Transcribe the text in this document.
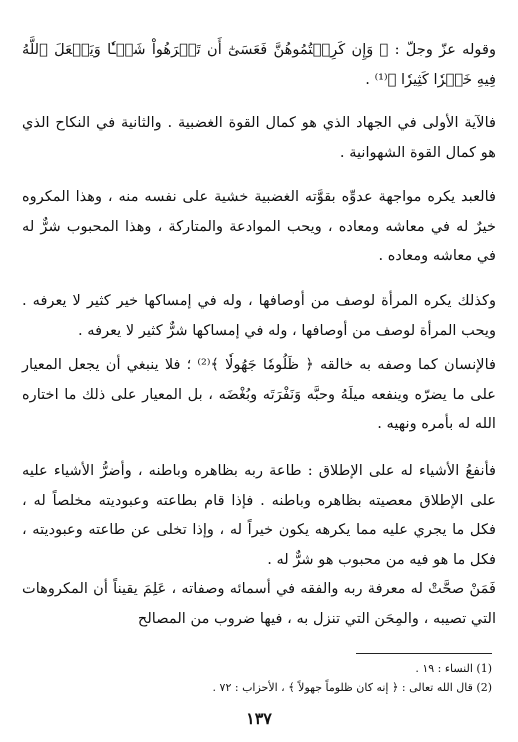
وقوله عزّ وجلّ : ﴿ وَإِن كَرِهۡتُمُوهُنَّ فَعَسَىٰٓ أَن تَكۡرَهُواْ شَيۡـٔٗا وَيَجۡعَلَ ٱللَّهُ فِيهِ خَيۡرٗا كَثِيرٗا ﴾⁽¹⁾ .

فالآية الأولى في الجهاد الذي هو كمال القوة الغضبية . والثانية في النكاح الذي هو كمال القوة الشهوانية .

فالعبد يكره مواجهة عدوِّه بقوَّته الغضبية خشية على نفسه منه ، وهذا المكروه خيرٌ له في معاشه ومعاده ، ويحب الموادعة والمتاركة ، وهذا المحبوب شرٌّ له في معاشه ومعاده .

وكذلك يكره المرأة لوصف من أوصافها ، وله في إمساكها خير كثير لا يعرفه . ويحب المرأة لوصف من أوصافها ، وله في إمساكها شرٌّ كثير لا يعرفه .

فالإنسان كما وصفه به خالقه ﴿ ظَلُومٗا جَهُولٗا ﴾⁽²⁾ ؛ فلا ينبغي أن يجعل المعيار على ما يضرّه وينفعه ميلَهُ وحبَّه وَنَفْرَتَه وبُغْضَه ، بل المعيار على ذلك ما اختاره الله له بأمره ونهيه .

فأنفعُ الأشياء له على الإطلاق : طاعة ربه بظاهره وباطنه ، وأضرُّ الأشياء عليه على الإطلاق معصيته بظاهره وباطنه . فإذا قام بطاعته وعبوديته مخلصاً له ، فكل ما يجري عليه مما يكرهه يكون خيراً له ، وإذا تخلى عن طاعته وعبوديته ، فكل ما هو فيه من محبوب هو شرٌّ له .

فَمَنْ صحَّتْ له معرفة ربه والفقه في أسمائه وصفاته ، عَلِمَ يقيناً أن المكروهات التي تصيبه ، والمِحَن التي تنزل به ، فيها ضروب من المصالح

(1) النساء : ١٩ .

(2) قال الله تعالى : ﴿ إنه كان ظلوماً جهولاً ﴾ ، الأحزاب : ٧٢ .

١٣٧
